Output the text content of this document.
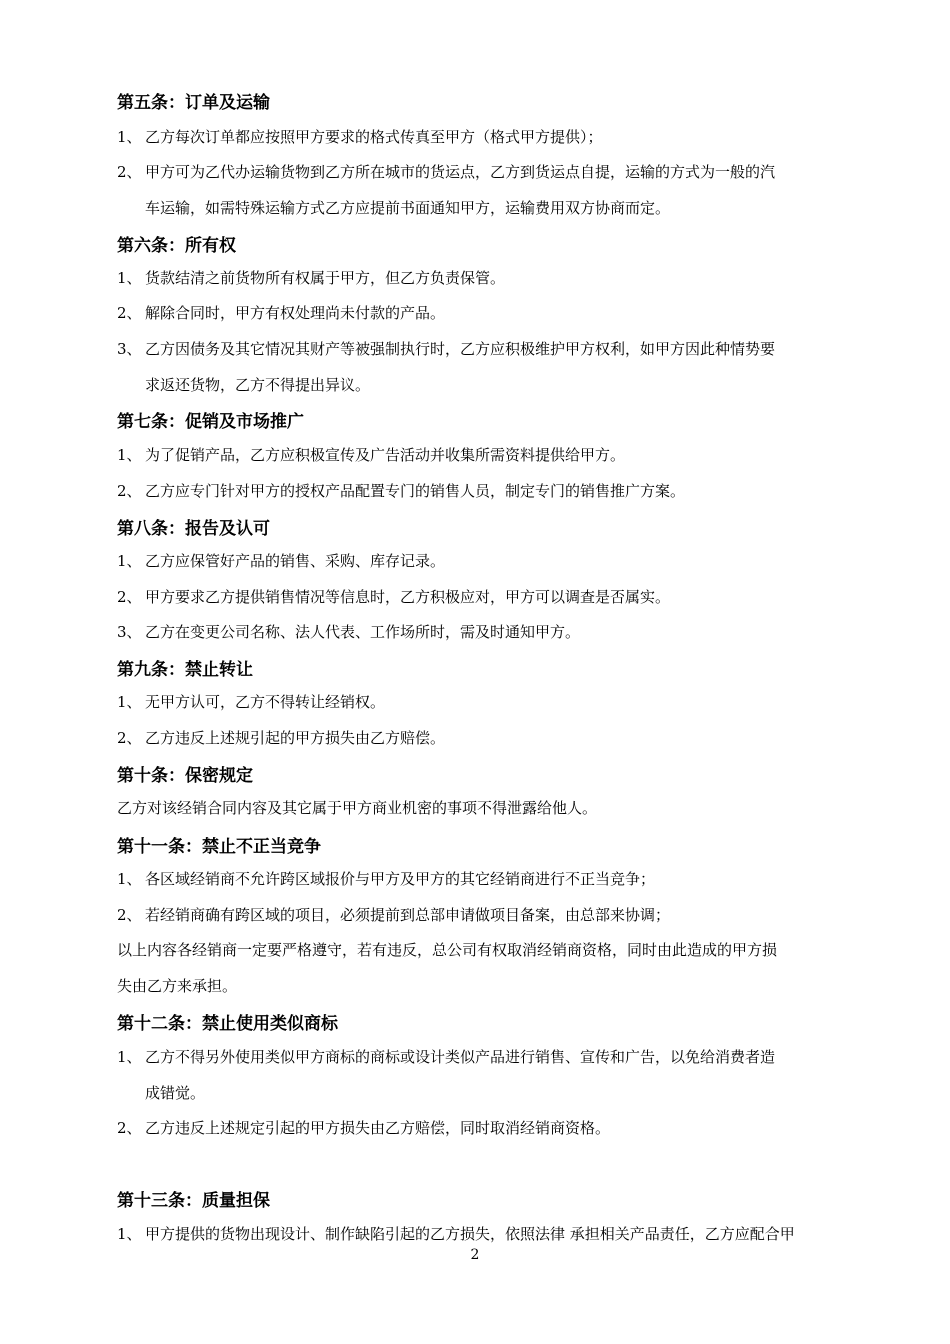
第五条：订单及运输
1、 乙方每次订单都应按照甲方要求的格式传真至甲方（格式甲方提供）；
2、 甲方可为乙代办运输货物到乙方所在城市的货运点，乙方到货运点自提，运输的方式为一般的汽
车运输，如需特殊运输方式乙方应提前书面通知甲方，运输费用双方协商而定。
第六条：所有权
1、 货款结清之前货物所有权属于甲方，但乙方负责保管。
2、 解除合同时，甲方有权处理尚未付款的产品。
3、 乙方因债务及其它情况其财产等被强制执行时，乙方应积极维护甲方权利，如甲方因此种情势要
求返还货物，乙方不得提出异议。
第七条：促销及市场推广
1、 为了促销产品，乙方应积极宣传及广告活动并收集所需资料提供给甲方。
2、 乙方应专门针对甲方的授权产品配置专门的销售人员，制定专门的销售推广方案。
第八条：报告及认可
1、 乙方应保管好产品的销售、采购、库存记录。
2、 甲方要求乙方提供销售情况等信息时，乙方积极应对，甲方可以调查是否属实。
3、 乙方在变更公司名称、法人代表、工作场所时，需及时通知甲方。
第九条：禁止转让
1、 无甲方认可，乙方不得转让经销权。
2、 乙方违反上述规引起的甲方损失由乙方赔偿。
第十条：保密规定
乙方对该经销合同内容及其它属于甲方商业机密的事项不得泄露给他人。
第十一条：禁止不正当竞争
1、 各区域经销商不允许跨区域报价与甲方及甲方的其它经销商进行不正当竞争；
2、 若经销商确有跨区域的项目，必须提前到总部申请做项目备案，由总部来协调；
以上内容各经销商一定要严格遵守，若有违反，总公司有权取消经销商资格，同时由此造成的甲方损
失由乙方来承担。
第十二条：禁止使用类似商标
1、 乙方不得另外使用类似甲方商标的商标或设计类似产品进行销售、宣传和广告，以免给消费者造
成错觉。
2、 乙方违反上述规定引起的甲方损失由乙方赔偿，同时取消经销商资格。
第十三条：质量担保
1、 甲方提供的货物出现设计、制作缺陷引起的乙方损失，依照法律 承担相关产品责任，乙方应配合甲
2
